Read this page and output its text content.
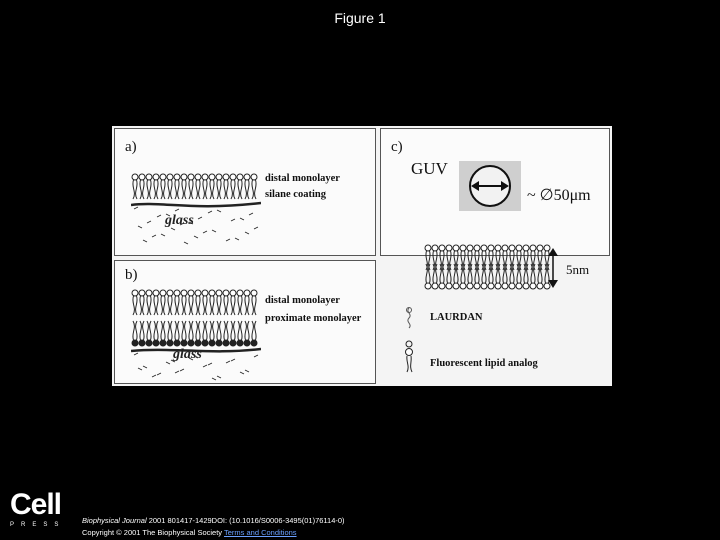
Figure 1
a)
glass
distal monolayer
silane coating
b)
glass
distal monolayer
proximate monolayer
c)
GUV
~ ∅50μm
5nm
LAURDAN
Fluorescent lipid analog
Cell
PRESS Biophysical Journal 2001 801417-1429DOI: (10.1016/S0006-3495(01)76114-0)
Copyright © 2001 The Biophysical Society Terms and Conditions
